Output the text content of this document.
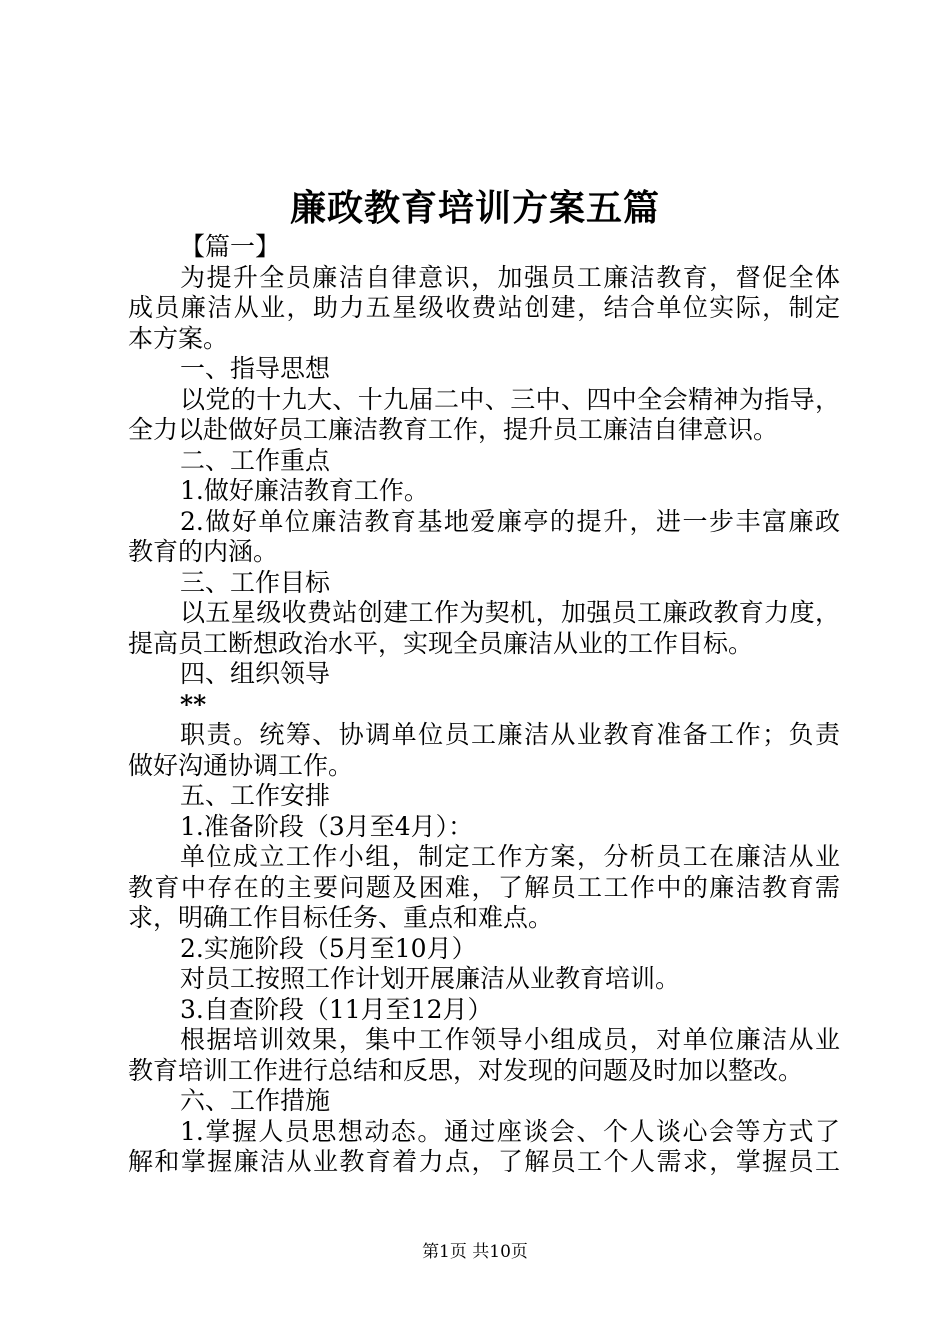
廉政教育培训方案五篇

【篇一】

为提升全员廉洁自律意识，加强员工廉洁教育，督促全体

成员廉洁从业，助力五星级收费站创建，结合单位实际，制定

本方案。

一、指导思想

以党的十九大、十九届二中、三中、四中全会精神为指导，

全力以赴做好员工廉洁教育工作，提升员工廉洁自律意识。

二、工作重点

1.做好廉洁教育工作。

2.做好单位廉洁教育基地爱廉亭的提升，进一步丰富廉政

教育的内涵。

三、工作目标

以五星级收费站创建工作为契机，加强员工廉政教育力度，

提高员工断想政治水平，实现全员廉洁从业的工作目标。

四、组织领导

**

职责。统筹、协调单位员工廉洁从业教育准备工作；负责

做好沟通协调工作。

五、工作安排

1.准备阶段（3月至4月）：

单位成立工作小组，制定工作方案，分析员工在廉洁从业

教育中存在的主要问题及困难，了解员工工作中的廉洁教育需

求，明确工作目标任务、重点和难点。

2.实施阶段（5月至10月）

对员工按照工作计划开展廉洁从业教育培训。

3.自查阶段（11月至12月）

根据培训效果，集中工作领导小组成员，对单位廉洁从业

教育培训工作进行总结和反思，对发现的问题及时加以整改。

六、工作措施

1.掌握人员思想动态。通过座谈会、个人谈心会等方式了

解和掌握廉洁从业教育着力点，了解员工个人需求，掌握员工

第1页 共10页
